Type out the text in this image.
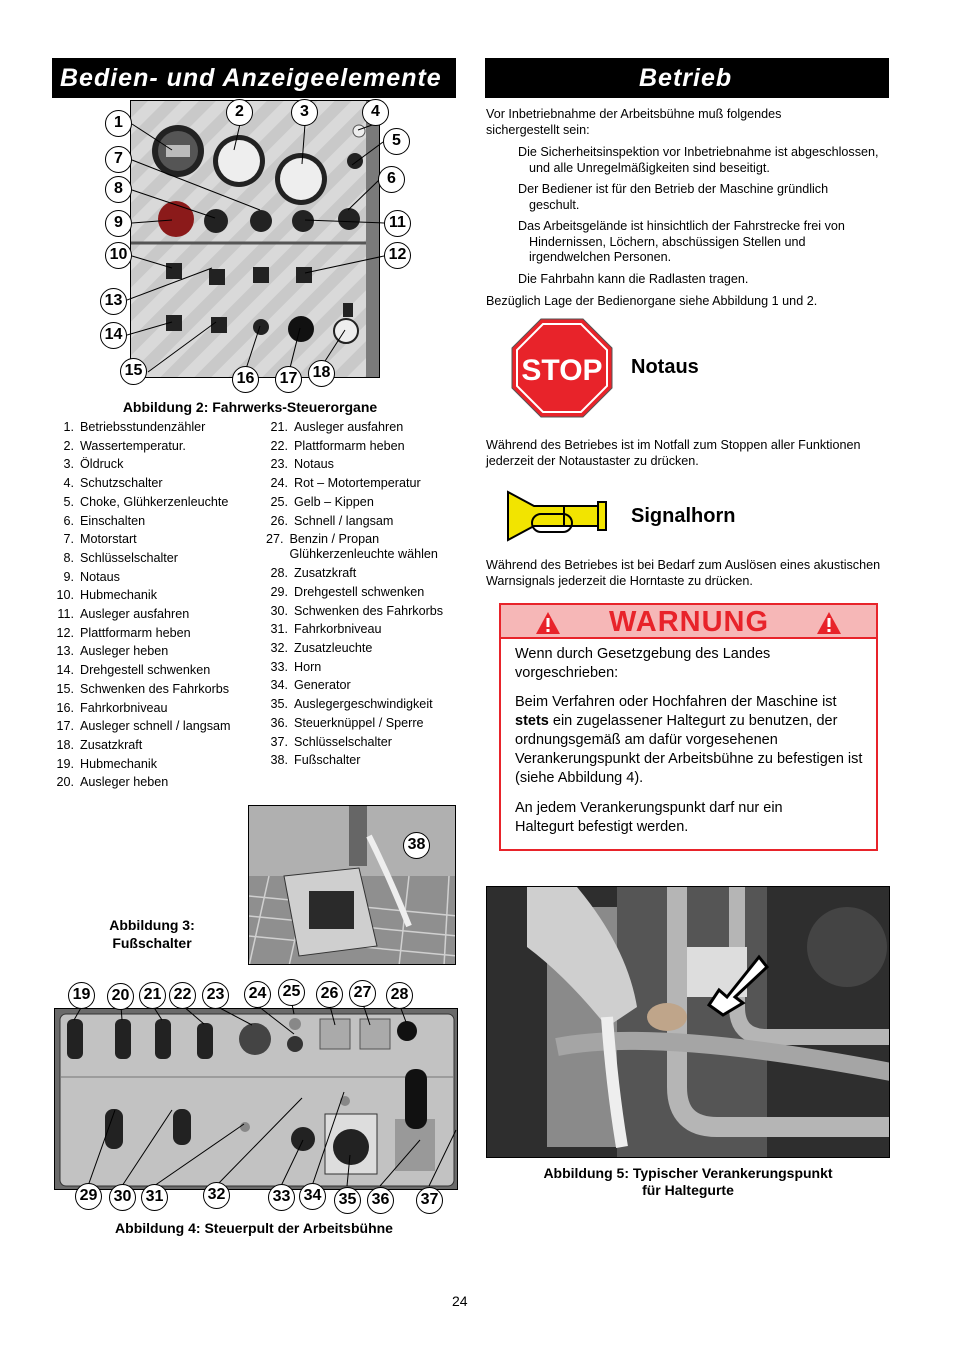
Bedien- und Anzeigeelemente	Betrieb
1
2	3	4
5
6
7
8
9
10
11
12
13
14
15	16 17 18
Abbildung 2: Fahrwerks-Steuerorgane
1. Betriebsstundenzähler
2. Wassertemperatur.
3. Öldruck
4. Schutzschalter
5. Choke, Glühkerzenleuchte
6. Einschalten
7. Motorstart
8. Schlüsselschalter
9. Notaus
10. Hubmechanik
11. Ausleger ausfahren
12. Plattformarm heben
13. Ausleger heben
14. Drehgestell schwenken
15. Schwenken des Fahrkorbs
16. Fahrkorbniveau
17. Ausleger schnell / langsam
18. Zusatzkraft
19. Hubmechanik
20. Ausleger heben
21. Ausleger ausfahren
22. Plattformarm heben
23. Notaus
24. Rot – Motortemperatur
25. Gelb – Kippen
26. Schnell / langsam
27. Benzin / Propan Glühkerzenleuchte wählen
28. Zusatzkraft
29. Drehgestell schwenken
30. Schwenken des Fahrkorbs
31. Fahrkorbniveau
32. Zusatzleuchte
33. Horn
34. Generator
35. Auslegergeschwindigkeit
36. Steuerknüppel / Sperre
37. Schlüsselschalter
38. Fußschalter
38
Abbildung 3:
Fußschalter
19 20 21 22 23 24 25 26 27 28
29 30 31	32	33 34 35 36 37
Abbildung 4: Steuerpult der Arbeitsbühne
Vor Inbetriebnahme der Arbeitsbühne muß folgendes sichergestellt sein:
Die Sicherheitsinspektion vor Inbetriebnahme ist abgeschlossen, und alle Unregelmäßigkeiten sind beseitigt.
Der Bediener ist für den Betrieb der Maschine gründlich geschult.
Das Arbeitsgelände ist hinsichtlich der Fahrstrecke frei von Hindernissen, Löchern, abschüssigen Stellen und irgendwelchen Personen.
Die Fahrbahn kann die Radlasten tragen.
Bezüglich Lage der Bedienorgane siehe Abbildung 1 und 2.
STOP Notaus
Während des Betriebes ist im Notfall zum Stoppen aller Funktionen jederzeit der Notaustaster zu drücken.
Signalhorn
Während des Betriebes ist bei Bedarf zum Auslösen eines akustischen Warnsignals jederzeit die Horntaste zu drücken.
WARNUNG
Wenn durch Gesetzgebung des Landes vorgeschrieben:
Beim Verfahren oder Hochfahren der Maschine ist stets ein zugelassener Haltegurt zu benutzen, der ordnungsgemäß am dafür vorgesehenen Verankerungspunkt der Arbeitsbühne zu befestigen ist (siehe Abbildung 4).
An jedem Verankerungspunkt darf nur ein Haltegurt befestigt werden.
Abbildung 5: Typischer Verankerungspunkt
für Haltegurte
24
